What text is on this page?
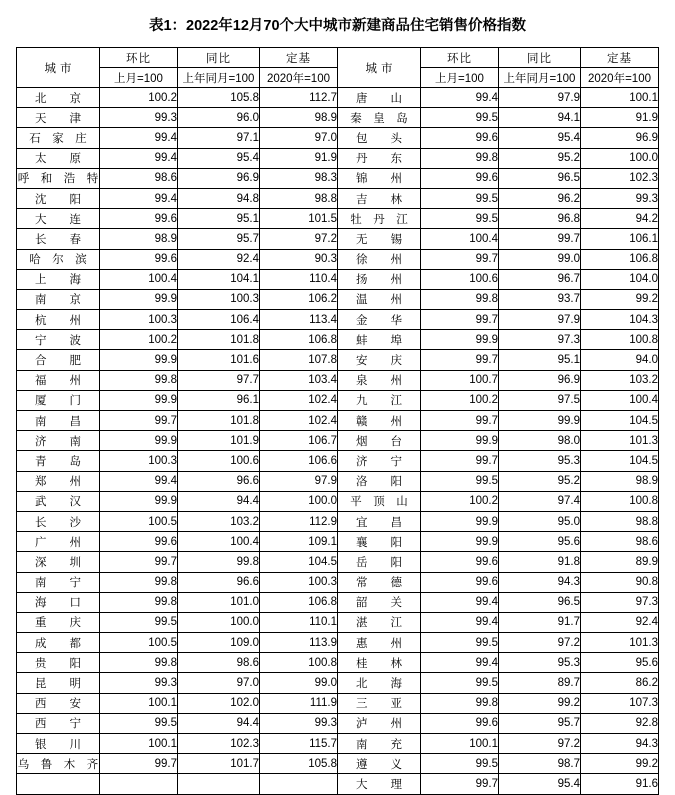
表1：2022年12月70个大中城市新建商品住宅销售价格指数
城市	环比	同比	定基	城市	环比	同比	定基
	上月=100	上年同月=100	2020年=100		上月=100	上年同月=100	2020年=100
北　　京	100.2	105.8	112.7	唐　　山	99.4	97.9	100.1
天　　津	99.3	96.0	98.9	秦　皇　岛	99.5	94.1	91.9
石　家　庄	99.4	97.1	97.0	包　　头	99.6	95.4	96.9
太　　原	99.4	95.4	91.9	丹　　东	99.8	95.2	100.0
呼　和　浩　特	98.6	96.9	98.3	锦　　州	99.6	96.5	102.3
沈　　阳	99.4	94.8	98.8	吉　　林	99.5	96.2	99.3
大　　连	99.6	95.1	101.5	牡　丹　江	99.5	96.8	94.2
长　　春	98.9	95.7	97.2	无　　锡	100.4	99.7	106.1
哈　尔　滨	99.6	92.4	90.3	徐　　州	99.7	99.0	106.8
上　　海	100.4	104.1	110.4	扬　　州	100.6	96.7	104.0
南　　京	99.9	100.3	106.2	温　　州	99.8	93.7	99.2
杭　　州	100.3	106.4	113.4	金　　华	99.7	97.9	104.3
宁　　波	100.2	101.8	106.8	蚌　　埠	99.9	97.3	100.8
合　　肥	99.9	101.6	107.8	安　　庆	99.7	95.1	94.0
福　　州	99.8	97.7	103.4	泉　　州	100.7	96.9	103.2
厦　　门	99.9	96.1	102.4	九　　江	100.2	97.5	100.4
南　　昌	99.7	101.8	102.4	赣　　州	99.7	99.9	104.5
济　　南	99.9	101.9	106.7	烟　　台	99.9	98.0	101.3
青　　岛	100.3	100.6	106.6	济　　宁	99.7	95.3	104.5
郑　　州	99.4	96.6	97.9	洛　　阳	99.5	95.2	98.9
武　　汉	99.9	94.4	100.0	平　顶　山	100.2	97.4	100.8
长　　沙	100.5	103.2	112.9	宜　　昌	99.9	95.0	98.8
广　　州	99.6	100.4	109.1	襄　　阳	99.9	95.6	98.6
深　　圳	99.7	99.8	104.5	岳　　阳	99.6	91.8	89.9
南　　宁	99.8	96.6	100.3	常　　德	99.6	94.3	90.8
海　　口	99.8	101.0	106.8	韶　　关	99.4	96.5	97.3
重　　庆	99.5	100.0	110.1	湛　　江	99.4	91.7	92.4
成　　都	100.5	109.0	113.9	惠　　州	99.5	97.2	101.3
贵　　阳	99.8	98.6	100.8	桂　　林	99.4	95.3	95.6
昆　　明	99.3	97.0	99.0	北　　海	99.5	89.7	86.2
西　　安	100.1	102.0	111.9	三　　亚	99.8	99.2	107.3
西　　宁	99.5	94.4	99.3	泸　　州	99.6	95.7	92.8
银　　川	100.1	102.3	115.7	南　　充	100.1	97.2	94.3
乌　鲁　木　齐	99.7	101.7	105.8	遵　　义	99.5	98.7	99.2
				大　　理	99.7	95.4	91.6
